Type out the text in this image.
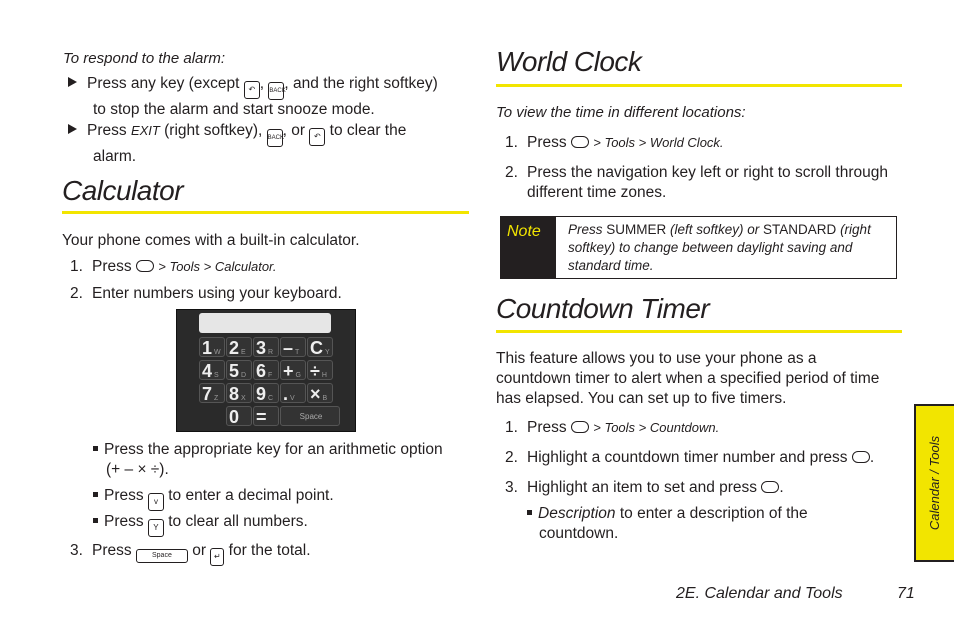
To respond to the alarm:
Press any key (except ↶ , BACK, and the right softkey)
to stop the alarm and start snooze mode.
Press EXIT (right softkey), BACK, or ↶ to clear the
alarm.
Calculator
Your phone comes with a built-in calculator.
1. Press  > Tools > Calculator.
2. Enter numbers using your keyboard.
1 W 2 E 3 R – T C Y
4 S 5 D 6 F + G ÷ H
7 Z 8 X 9 C . V × B
0 =	Space
Press the appropriate key for an arithmetic option
(+ – × ÷).
Press v to enter a decimal point.
Press Y to clear all numbers.
3. Press Space or ↵ for the total.
World Clock
To view the time in different locations:
1. Press  > Tools > World Clock.
2. Press the navigation key left or right to scroll through
different time zones.
Note	Press SUMMER (left softkey) or STANDARD (right
softkey) to change between daylight saving and
standard time.
Countdown Timer
This feature allows you to use your phone as a
countdown timer to alert when a specified period of time
has elapsed. You can set up to five timers.
1. Press  > Tools > Countdown.
2. Highlight a countdown timer number and press .
3. Highlight an item to set and press .
Description to enter a description of the
countdown.
Calendar / Tools
2E. Calendar and Tools	71
